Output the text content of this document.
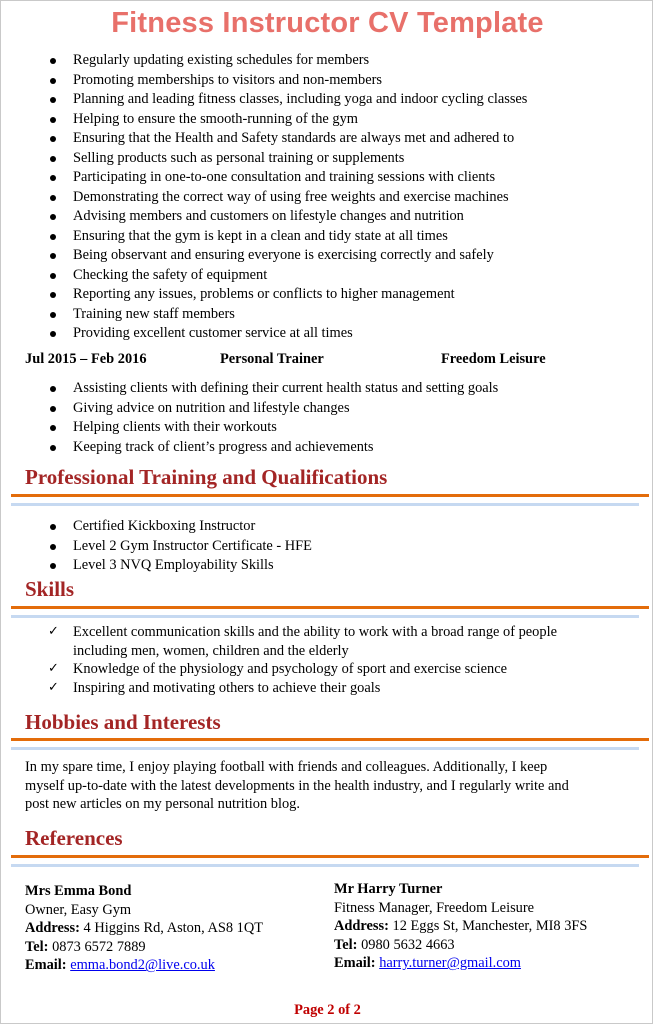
Fitness Instructor CV Template
Regularly updating existing schedules for members
Promoting memberships to visitors and non-members
Planning and leading fitness classes, including yoga and indoor cycling classes
Helping to ensure the smooth-running of the gym
Ensuring that the Health and Safety standards are always met and adhered to
Selling products such as personal training or supplements
Participating in one-to-one consultation and training sessions with clients
Demonstrating the correct way of using free weights and exercise machines
Advising members and customers on lifestyle changes and nutrition
Ensuring that the gym is kept in a clean and tidy state at all times
Being observant and ensuring everyone is exercising correctly and safely
Checking the safety of equipment
Reporting any issues, problems or conflicts to higher management
Training new staff members
Providing excellent customer service at all times
Jul 2015 – Feb 2016	Personal Trainer	Freedom Leisure
Assisting clients with defining their current health status and setting goals
Giving advice on nutrition and lifestyle changes
Helping clients with their workouts
Keeping track of client’s progress and achievements
Professional Training and Qualifications
Certified Kickboxing Instructor
Level 2 Gym Instructor Certificate - HFE
Level 3 NVQ Employability Skills
Skills
✓ Excellent communication skills and the ability to work with a broad range of people including men, women, children and the elderly
✓ Knowledge of the physiology and psychology of sport and exercise science
✓ Inspiring and motivating others to achieve their goals
Hobbies and Interests
In my spare time, I enjoy playing football with friends and colleagues. Additionally, I keep myself up-to-date with the latest developments in the health industry, and I regularly write and post new articles on my personal nutrition blog.
References
Mrs Emma Bond
Owner, Easy Gym
Address: 4 Higgins Rd, Aston, AS8 1QT
Tel: 0873 6572 7889
Email: emma.bond2@live.co.uk
Mr Harry Turner
Fitness Manager, Freedom Leisure
Address: 12 Eggs St, Manchester, MI8 3FS
Tel: 0980 5632 4663
Email: harry.turner@gmail.com
Page 2 of 2
